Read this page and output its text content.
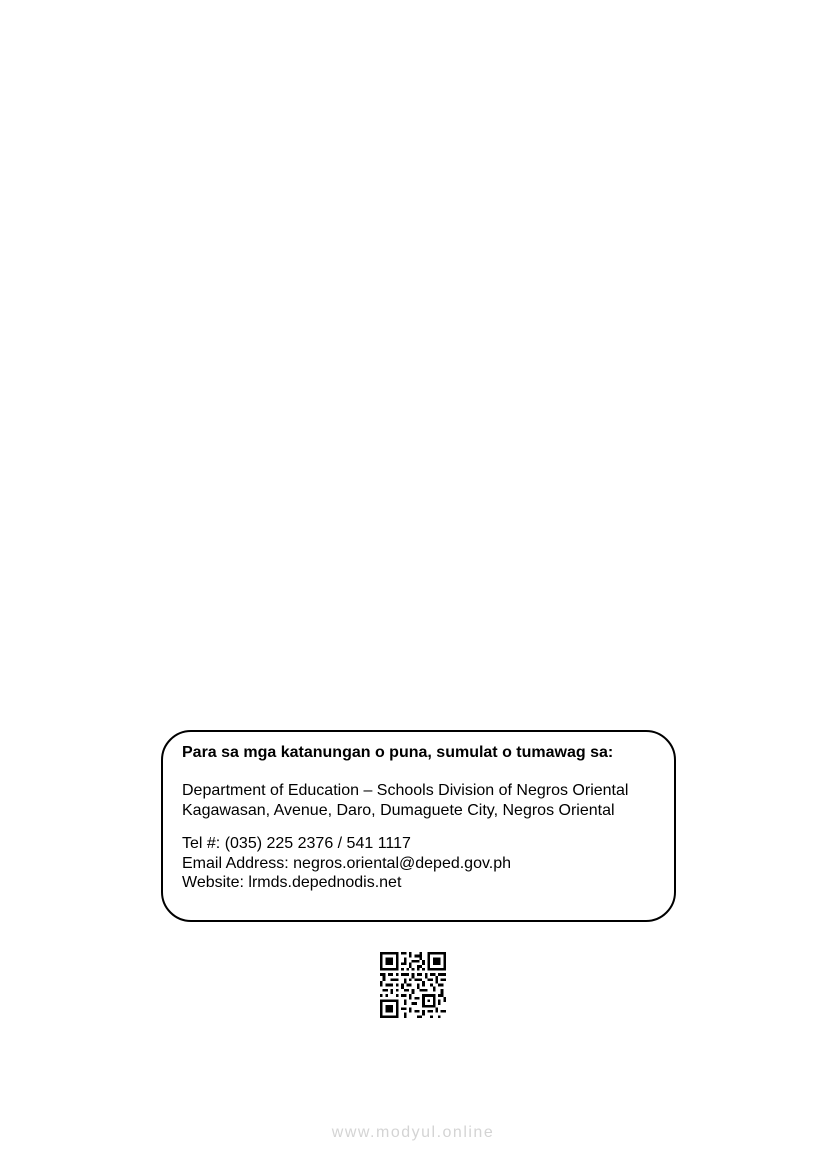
Para sa mga katanungan o puna, sumulat o tumawag sa:
Department of Education – Schools Division of Negros Oriental
Kagawasan, Avenue, Daro, Dumaguete City, Negros Oriental
Tel #: (035) 225 2376 / 541 1117
Email Address: negros.oriental@deped.gov.ph
Website: lrmds.depednodis.net
www.modyul.online
